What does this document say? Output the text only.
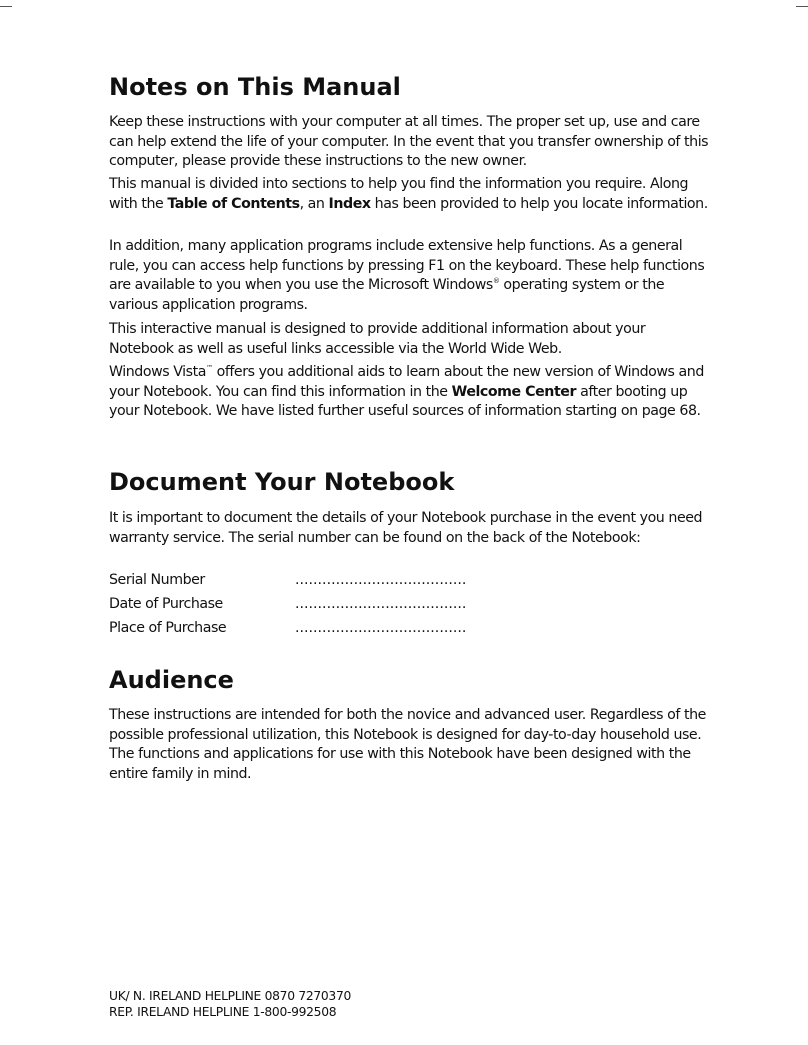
Notes on This Manual

Keep these instructions with your computer at all times. The proper set up, use and care can help extend the life of your computer. In the event that you transfer ownership of this computer, please provide these instructions to the new owner.

This manual is divided into sections to help you find the information you require. Along with the Table of Contents, an Index has been provided to help you locate information.

In addition, many application programs include extensive help functions. As a general rule, you can access help functions by pressing F1 on the keyboard. These help functions are available to you when you use the Microsoft Windows® operating system or the various application programs.

This interactive manual is designed to provide additional information about your Notebook as well as useful links accessible via the World Wide Web.

Windows Vista™ offers you additional aids to learn about the new version of Windows and your Notebook. You can find this information in the Welcome Center after booting up your Notebook. We have listed further useful sources of information starting on page 68.

Document Your Notebook

It is important to document the details of your Notebook purchase in the event you need warranty service. The serial number can be found on the back of the Notebook:

Serial Number	......................................
Date of Purchase	......................................
Place of Purchase	......................................
Audience

These instructions are intended for both the novice and advanced user. Regardless of the possible professional utilization, this Notebook is designed for day-to-day household use. The functions and applications for use with this Notebook have been designed with the entire family in mind.

UK/ N. IRELAND HELPLINE 0870 7270370
REP. IRELAND HELPLINE 1-800-992508
